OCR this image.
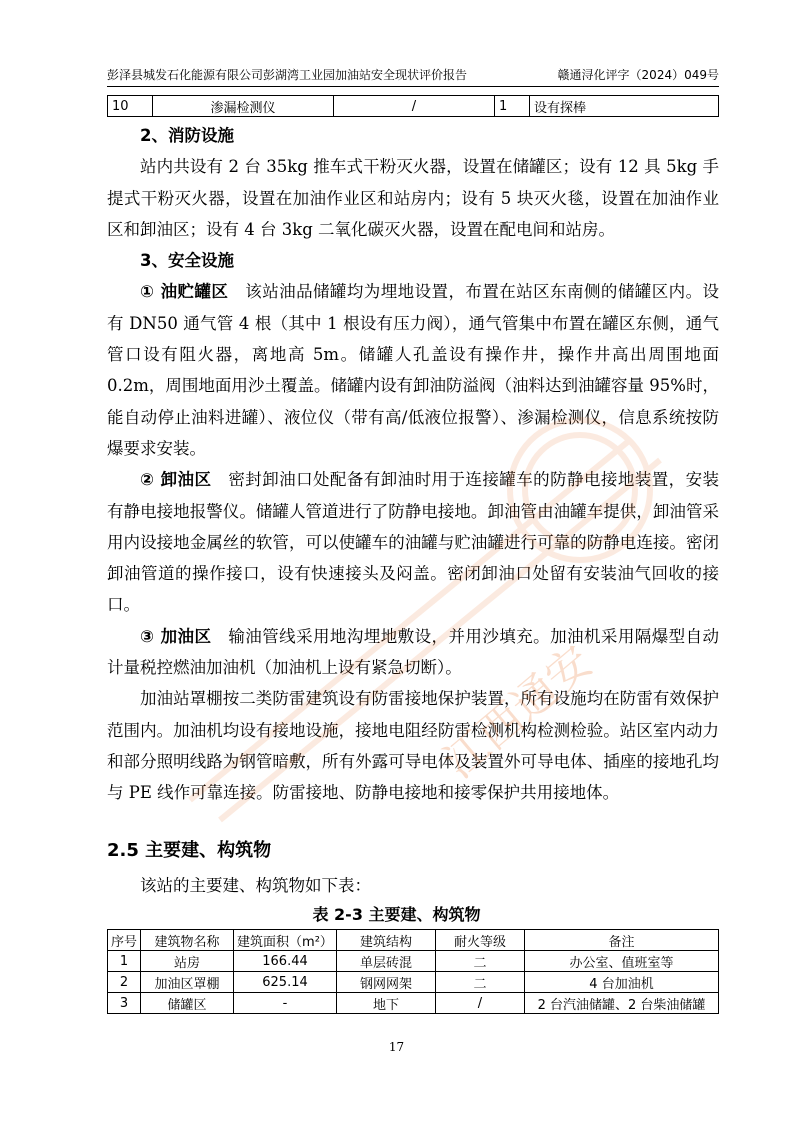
彭泽县城发石化能源有限公司彭湖湾工业园加油站安全现状评价报告	赣通浔化评字（2024）049号
10	渗漏检测仪	/	1	设有探棒

2、消防设施

站内共设有 2 台 35kg 推车式干粉灭火器，设置在储罐区；设有 12 具 5kg 手提式干粉灭火器，设置在加油作业区和站房内；设有 5 块灭火毯，设置在加油作业区和卸油区；设有 4 台 3kg 二氧化碳灭火器，设置在配电间和站房。

3、安全设施

① 油贮罐区  该站油品储罐均为埋地设置，布置在站区东南侧的储罐区内。设有 DN50 通气管 4 根（其中 1 根设有压力阀），通气管集中布置在罐区东侧，通气管口设有阻火器，离地高 5m。储罐人孔盖设有操作井，操作井高出周围地面 0.2m，周围地面用沙土覆盖。储罐内设有卸油防溢阀（油料达到油罐容量 95%时，能自动停止油料进罐）、液位仪（带有高/低液位报警）、渗漏检测仪，信息系统按防爆要求安装。

② 卸油区  密封卸油口处配备有卸油时用于连接罐车的防静电接地装置，安装有静电接地报警仪。储罐人管道进行了防静电接地。卸油管由油罐车提供，卸油管采用内设接地金属丝的软管，可以使罐车的油罐与贮油罐进行可靠的防静电连接。密闭卸油管道的操作接口，设有快速接头及闷盖。密闭卸油口处留有安装油气回收的接口。

③ 加油区  输油管线采用地沟埋地敷设，并用沙填充。加油机采用隔爆型自动计量税控燃油加油机（加油机上设有紧急切断）。

加油站罩棚按二类防雷建筑设有防雷接地保护装置，所有设施均在防雷有效保护范围内。加油机均设有接地设施，接地电阻经防雷检测机构检测检验。站区室内动力和部分照明线路为钢管暗敷，所有外露可导电体及装置外可导电体、插座的接地孔均与 PE 线作可靠连接。防雷接地、防静电接地和接零保护共用接地体。

2.5 主要建、构筑物
该站的主要建、构筑物如下表：
表 2-3 主要建、构筑物
序号	建筑物名称	建筑面积（m²）	建筑结构	耐火等级	备注
1	站房	166.44	单层砖混	二	办公室、值班室等
2	加油区罩棚	625.14	钢网网架	二	4 台加油机
3	储罐区	-	地下	/	2 台汽油储罐、2 台柴油储罐
17
江西通安
